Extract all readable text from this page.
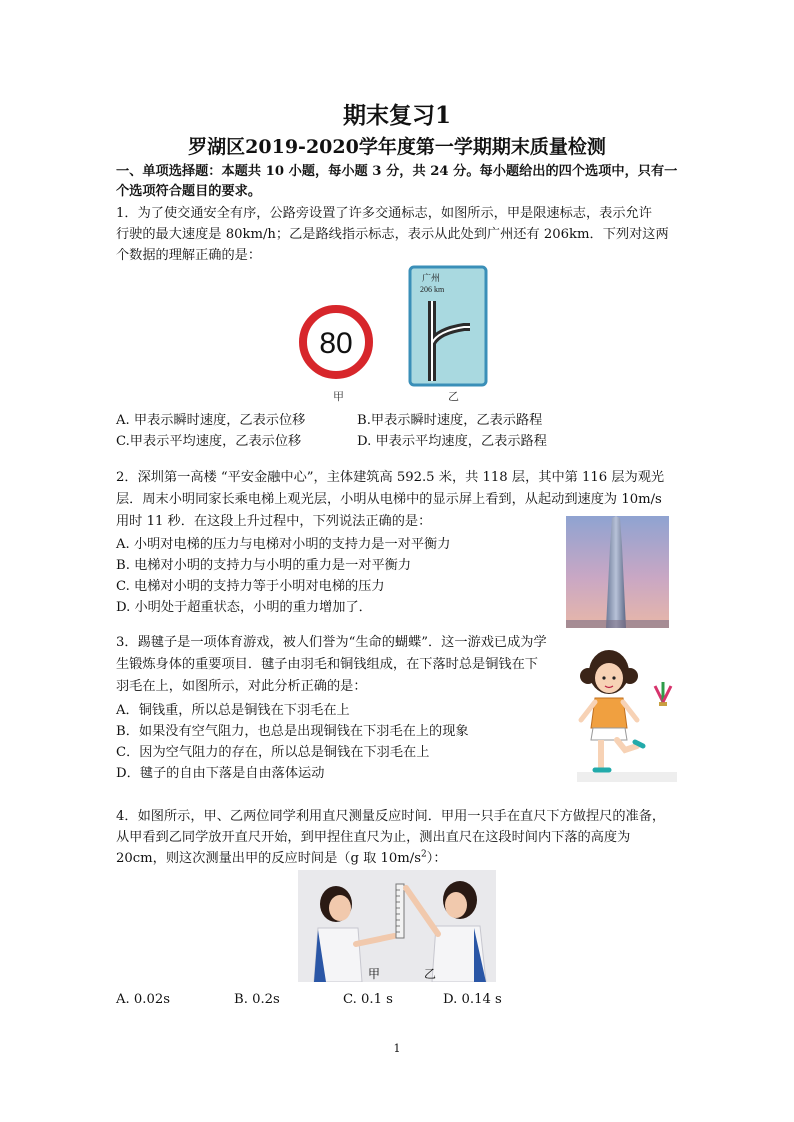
期末复习1
罗湖区2019-2020学年度第一学期期末质量检测
一、单项选择题：本题共 10 小题，每小题 3 分，共 24 分。每小题给出的四个选项中，只有一
个选项符合题目的要求。
1．为了使交通安全有序，公路旁设置了许多交通标志，如图所示，甲是限速标志，表示允许
行驶的最大速度是 80km/h；乙是路线指示标志，表示从此处到广州还有 206km．下列对这两
个数据的理解正确的是：
80
甲
广州
206 km
乙
A. 甲表示瞬时速度，乙表示位移	B.甲表示瞬时速度，乙表示路程
C.甲表示平均速度，乙表示位移	D. 甲表示平均速度，乙表示路程
2．深圳第一高楼 “平安金融中心”，主体建筑高 592.5 米，共 118 层，其中第 116 层为观光
层．周末小明同家长乘电梯上观光层，小明从电梯中的显示屏上看到，从起动到速度为 10m/s
用时 11 秒．在这段上升过程中，下列说法正确的是：
A. 小明对电梯的压力与电梯对小明的支持力是一对平衡力
B. 电梯对小明的支持力与小明的重力是一对平衡力
C. 电梯对小明的支持力等于小明对电梯的压力
D. 小明处于超重状态，小明的重力增加了．
3．踢毽子是一项体育游戏，被人们誉为“生命的蝴蝶”．这一游戏已成为学
生锻炼身体的重要项目．毽子由羽毛和铜钱组成，在下落时总是铜钱在下
羽毛在上，如图所示，对此分析正确的是：
A．铜钱重，所以总是铜钱在下羽毛在上
B．如果没有空气阻力，也总是出现铜钱在下羽毛在上的现象
C．因为空气阻力的存在，所以总是铜钱在下羽毛在上
D．毽子的自由下落是自由落体运动
4．如图所示，甲、乙两位同学利用直尺测量反应时间．甲用一只手在直尺下方做捏尺的准备，
从甲看到乙同学放开直尺开始，到甲捏住直尺为止，测出直尺在这段时间内下落的高度为
20cm，则这次测量出甲的反应时间是（g 取 $10m/s^2$）：
甲	乙
A. 0.02s	B. 0.2s	C. 0.1 s	D. 0.14 s
1
